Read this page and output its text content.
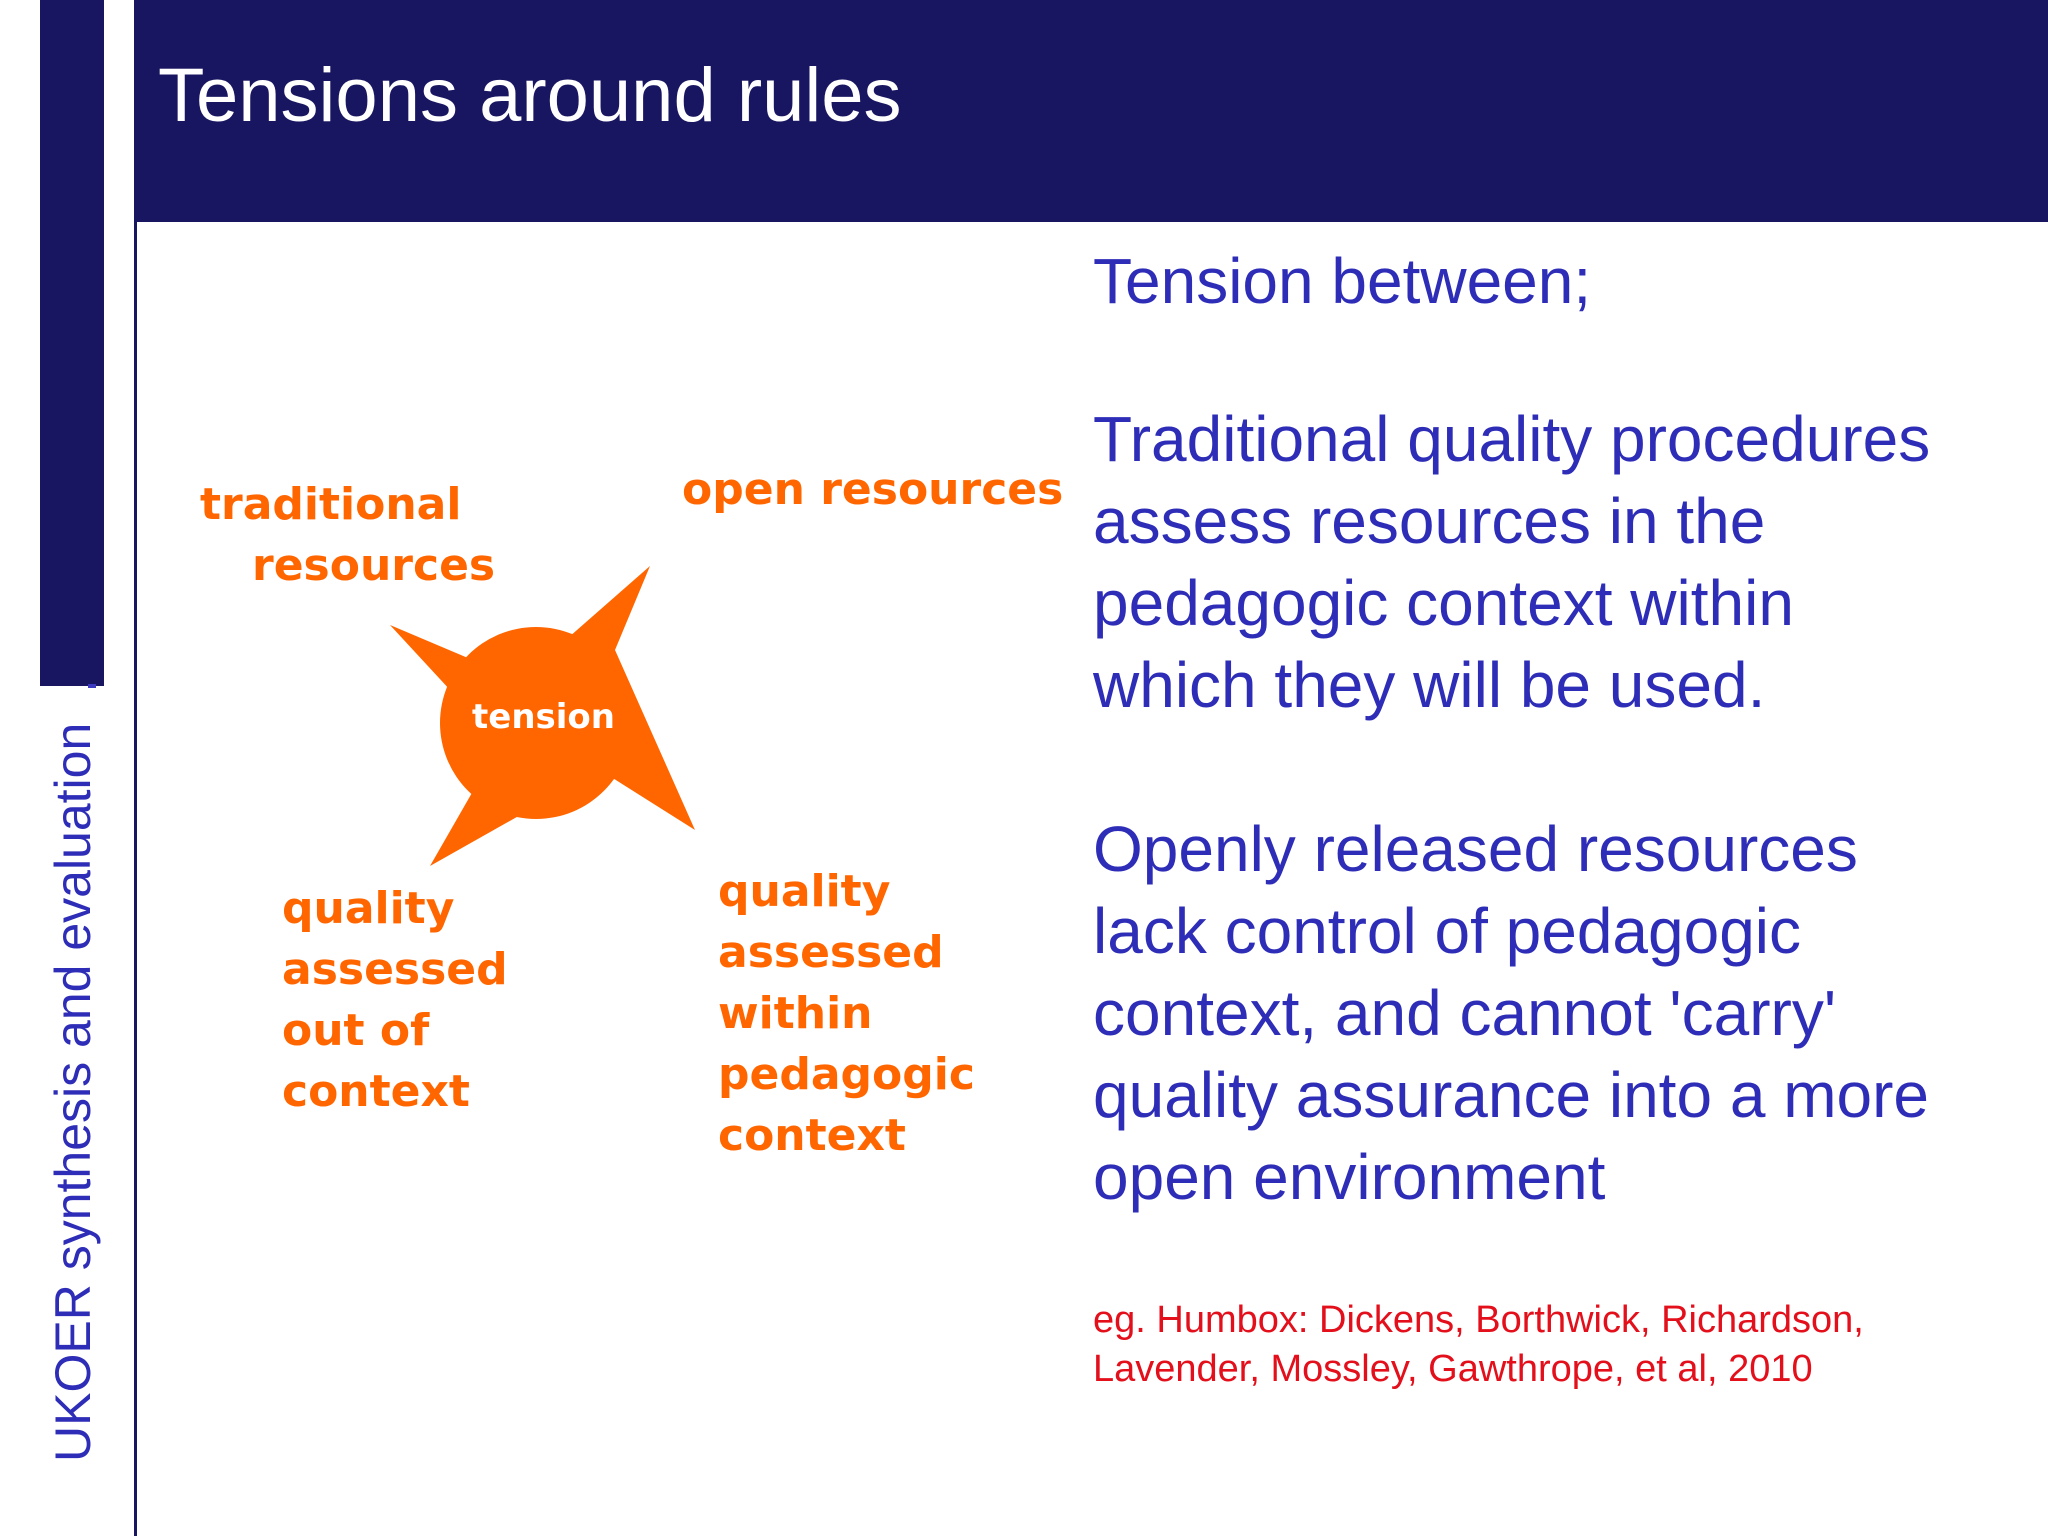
Tensions around rules
UKOER synthesis and evaluation
tension
traditional
resources
open resources
quality
assessed
out of
context
quality
assessed
within
pedagogic
context
Tension between;
Traditional quality procedures
assess resources in the
pedagogic context within
which they will be used.
Openly released resources
lack control of pedagogic
context, and cannot 'carry'
quality assurance into a more
open environment
eg. Humbox: Dickens, Borthwick, Richardson,
Lavender, Mossley, Gawthrope, et al, 2010
